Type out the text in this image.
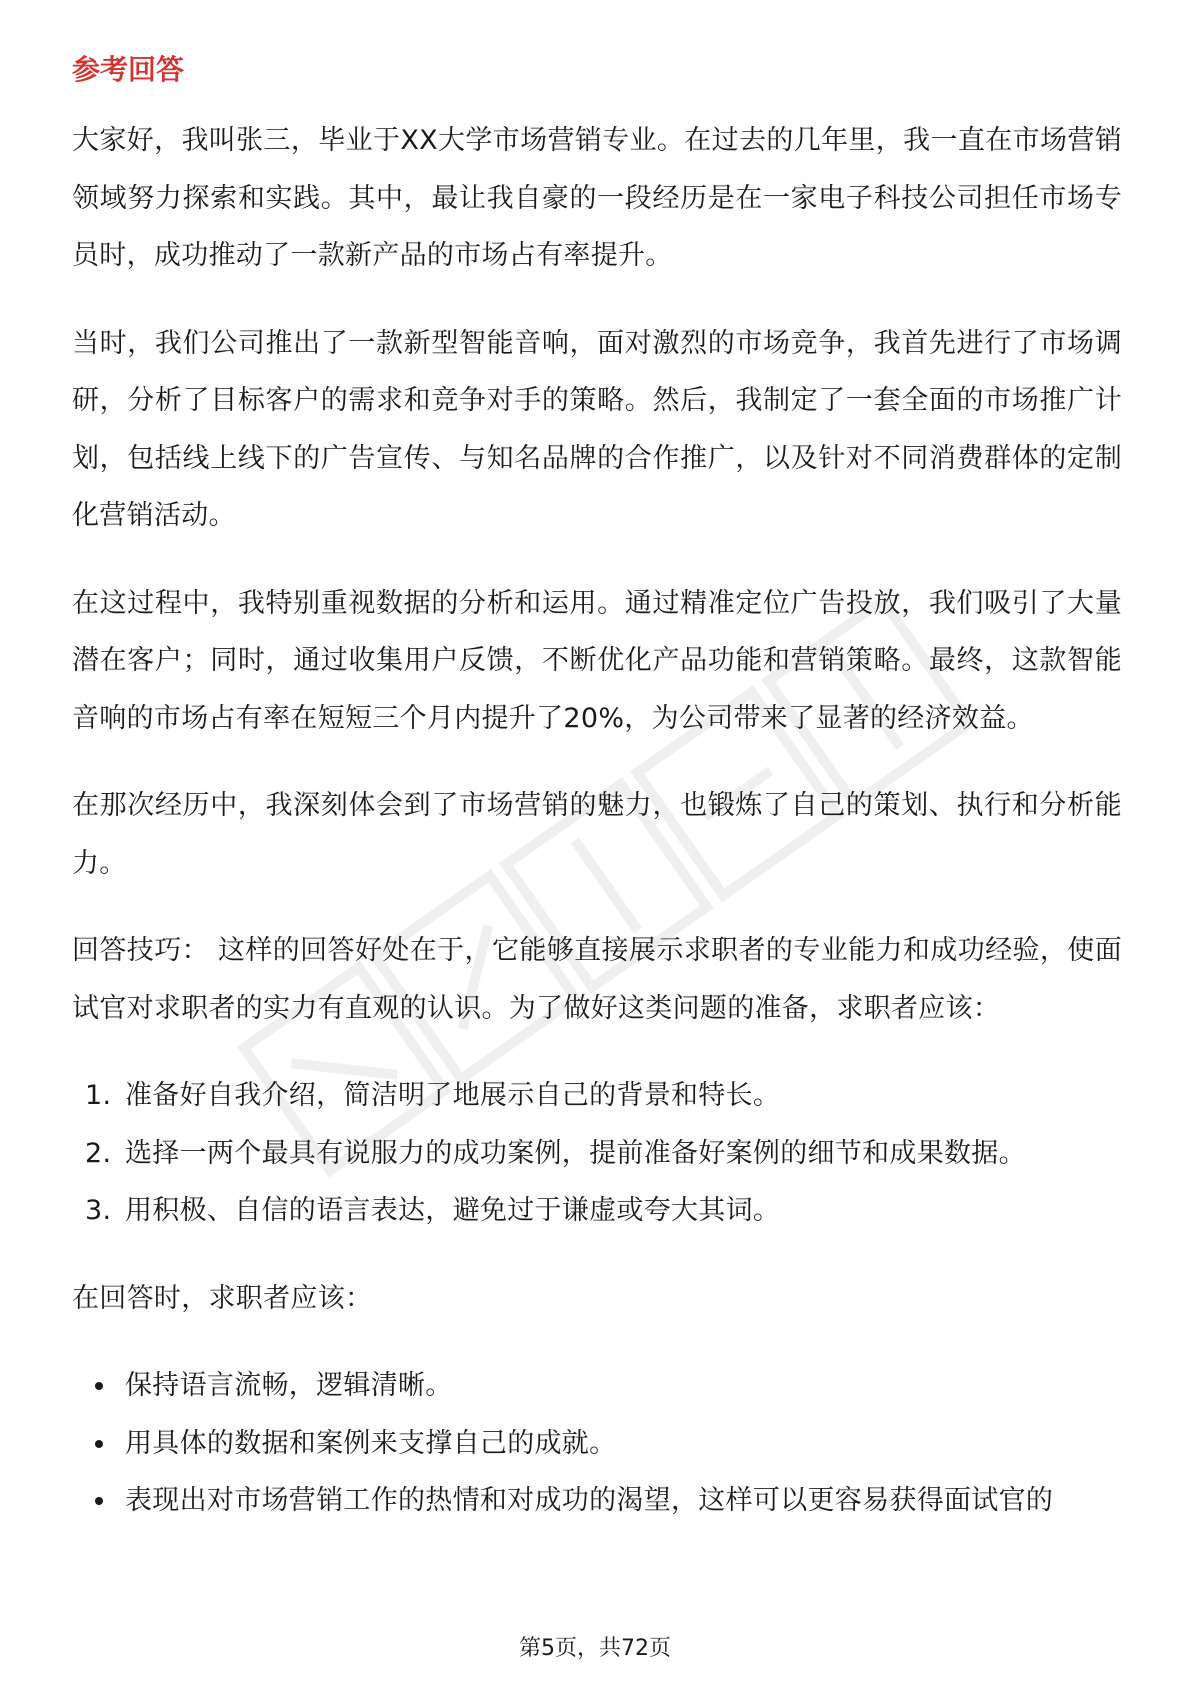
参考回答

大家好，我叫张三，毕业于XX大学市场营销专业。在过去的几年里，我一直在市场营销领域努力探索和实践。其中，最让我自豪的一段经历是在一家电子科技公司担任市场专员时，成功推动了一款新产品的市场占有率提升。

当时，我们公司推出了一款新型智能音响，面对激烈的市场竞争，我首先进行了市场调研，分析了目标客户的需求和竞争对手的策略。然后，我制定了一套全面的市场推广计划，包括线上线下的广告宣传、与知名品牌的合作推广，以及针对不同消费群体的定制化营销活动。

在这过程中，我特别重视数据的分析和运用。通过精准定位广告投放，我们吸引了大量潜在客户；同时，通过收集用户反馈，不断优化产品功能和营销策略。最终，这款智能音响的市场占有率在短短三个月内提升了20%，为公司带来了显著的经济效益。

在那次经历中，我深刻体会到了市场营销的魅力，也锻炼了自己的策划、执行和分析能力。

回答技巧： 这样的回答好处在于，它能够直接展示求职者的专业能力和成功经验，使面试官对求职者的实力有直观的认识。为了做好这类问题的准备，求职者应该：

1. 准备好自我介绍，简洁明了地展示自己的背景和特长。
2. 选择一两个最具有说服力的成功案例，提前准备好案例的细节和成果数据。
3. 用积极、自信的语言表达，避免过于谦虚或夸大其词。

在回答时，求职者应该：

保持语言流畅，逻辑清晰。
用具体的数据和案例来支撑自己的成就。
表现出对市场营销工作的热情和对成功的渴望，这样可以更容易获得面试官的
第5页，共72页
